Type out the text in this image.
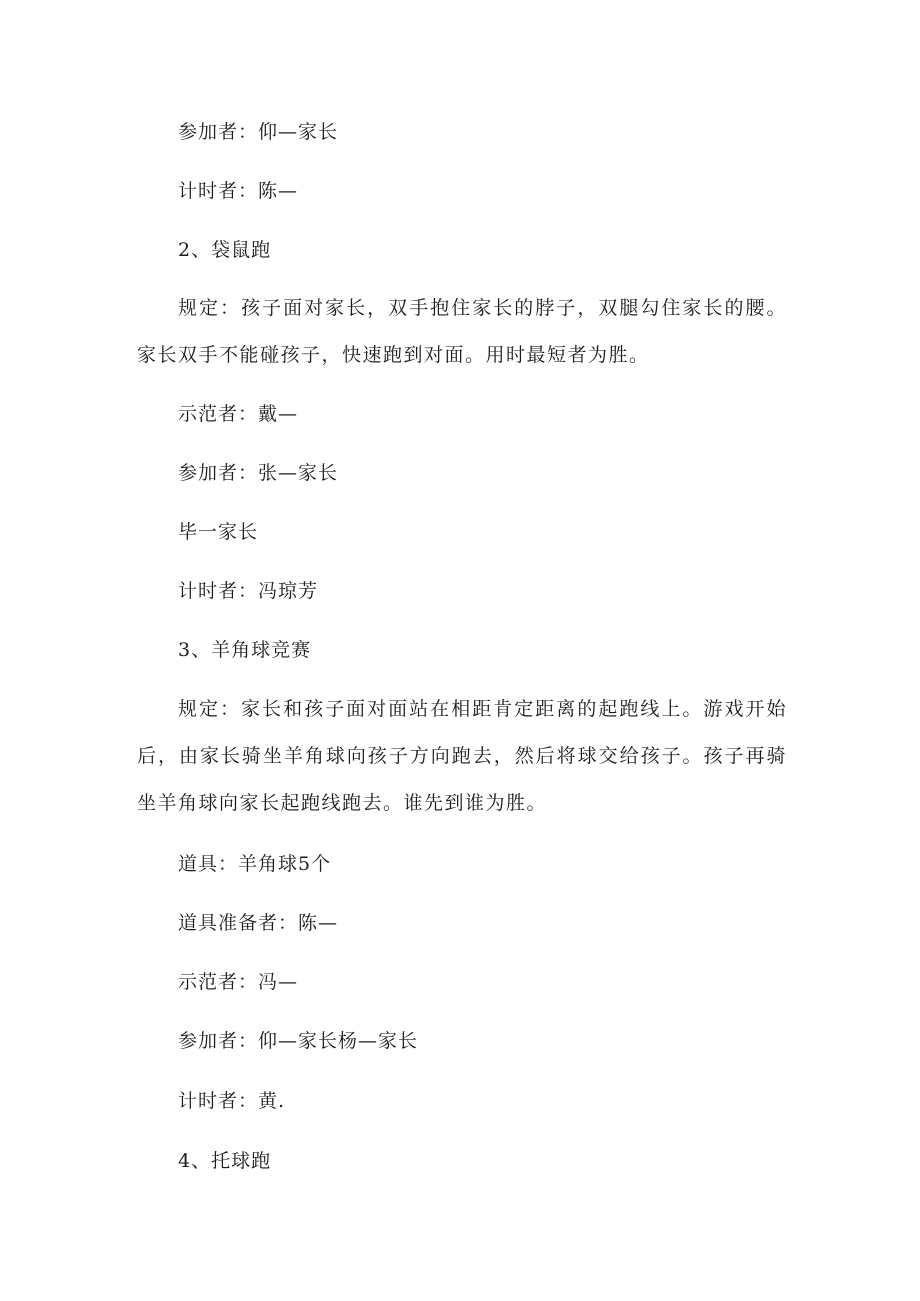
参加者：仰—家长
计时者：陈—
2、袋鼠跑
规定：孩子面对家长，双手抱住家长的脖子，双腿勾住家长的腰。家长双手不能碰孩子，快速跑到对面。用时最短者为胜。
示范者：戴—
参加者：张—家长
毕一家长
计时者：冯琼芳
3、羊角球竞赛
规定：家长和孩子面对面站在相距肯定距离的起跑线上。游戏开始后，由家长骑坐羊角球向孩子方向跑去，然后将球交给孩子。孩子再骑坐羊角球向家长起跑线跑去。谁先到谁为胜。
道具：羊角球5个
道具准备者：陈—
示范者：冯—
参加者：仰—家长杨—家长
计时者：黄.
4、托球跑
